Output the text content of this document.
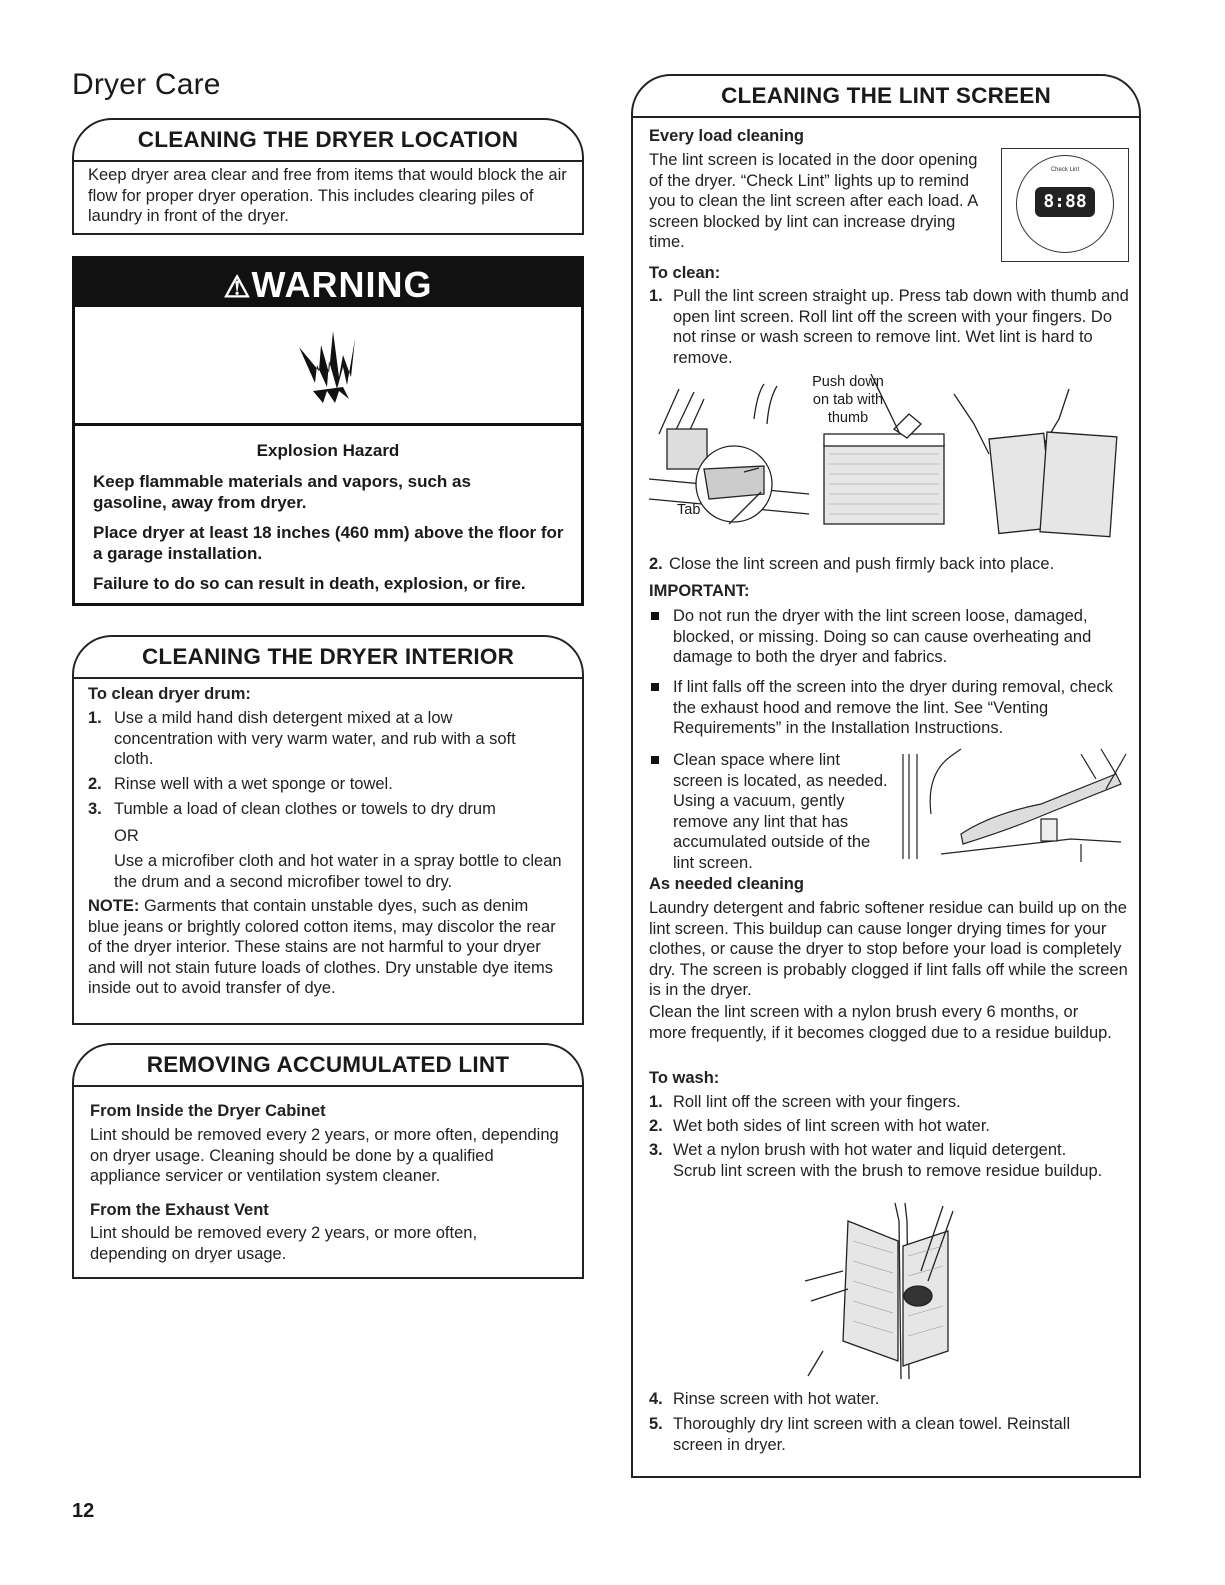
Dryer Care
CLEANING THE DRYER LOCATION

Keep dryer area clear and free from items that would block the air flow for proper dryer operation. This includes clearing piles of laundry in front of the dryer.

⚠WARNING
Explosion Hazard

Keep flammable materials and vapors, such as gasoline, away from dryer.

Place dryer at least 18 inches (460 mm) above the floor for a garage installation.

Failure to do so can result in death, explosion, or fire.

CLEANING THE DRYER INTERIOR
To clean dryer drum:
1. Use a mild hand dish detergent mixed at a low concentration with very warm water, and rub with a soft cloth.

2. Rinse well with a wet sponge or towel.

3. Tumble a load of clean clothes or towels to dry drum

OR

Use a microfiber cloth and hot water in a spray bottle to clean the drum and a second microfiber towel to dry.

NOTE: Garments that contain unstable dyes, such as denim blue jeans or brightly colored cotton items, may discolor the rear of the dryer interior. These stains are not harmful to your dryer and will not stain future loads of clothes. Dry unstable dye items inside out to avoid transfer of dye.

REMOVING ACCUMULATED LINT
From Inside the Dryer Cabinet

Lint should be removed every 2 years, or more often, depending on dryer usage. Cleaning should be done by a qualified appliance servicer or ventilation system cleaner.

From the Exhaust Vent

Lint should be removed every 2 years, or more often, depending on dryer usage.

CLEANING THE LINT SCREEN
Every load cleaning

The lint screen is located in the door opening of the dryer. “Check Lint” lights up to remind you to clean the lint screen after each load. A screen blocked by lint can increase drying time.

Check Lint
8:88
To clean:
1. Pull the lint screen straight up. Press tab down with thumb and open lint screen. Roll lint off the screen with your fingers. Do not rinse or wash screen to remove lint. Wet lint is hard to remove.

Push down on tab with thumb

Tab
2. Close the lint screen and push firmly back into place.

IMPORTANT:

Do not run the dryer with the lint screen loose, damaged, blocked, or missing. Doing so can cause overheating and damage to both the dryer and fabrics.

If lint falls off the screen into the dryer during removal, check the exhaust hood and remove the lint. See “Venting Requirements” in the Installation Instructions.

Clean space where lint screen is located, as needed. Using a vacuum, gently remove any lint that has accumulated outside of the lint screen.

As needed cleaning

Laundry detergent and fabric softener residue can build up on the lint screen. This buildup can cause longer drying times for your clothes, or cause the dryer to stop before your load is completely dry. The screen is probably clogged if lint falls off while the screen is in the dryer.

Clean the lint screen with a nylon brush every 6 months, or more frequently, if it becomes clogged due to a residue buildup.

To wash:
1. Roll lint off the screen with your fingers.

2. Wet both sides of lint screen with hot water.

3. Wet a nylon brush with hot water and liquid detergent. Scrub lint screen with the brush to remove residue buildup.

4. Rinse screen with hot water.

5. Thoroughly dry lint screen with a clean towel. Reinstall screen in dryer.

12
